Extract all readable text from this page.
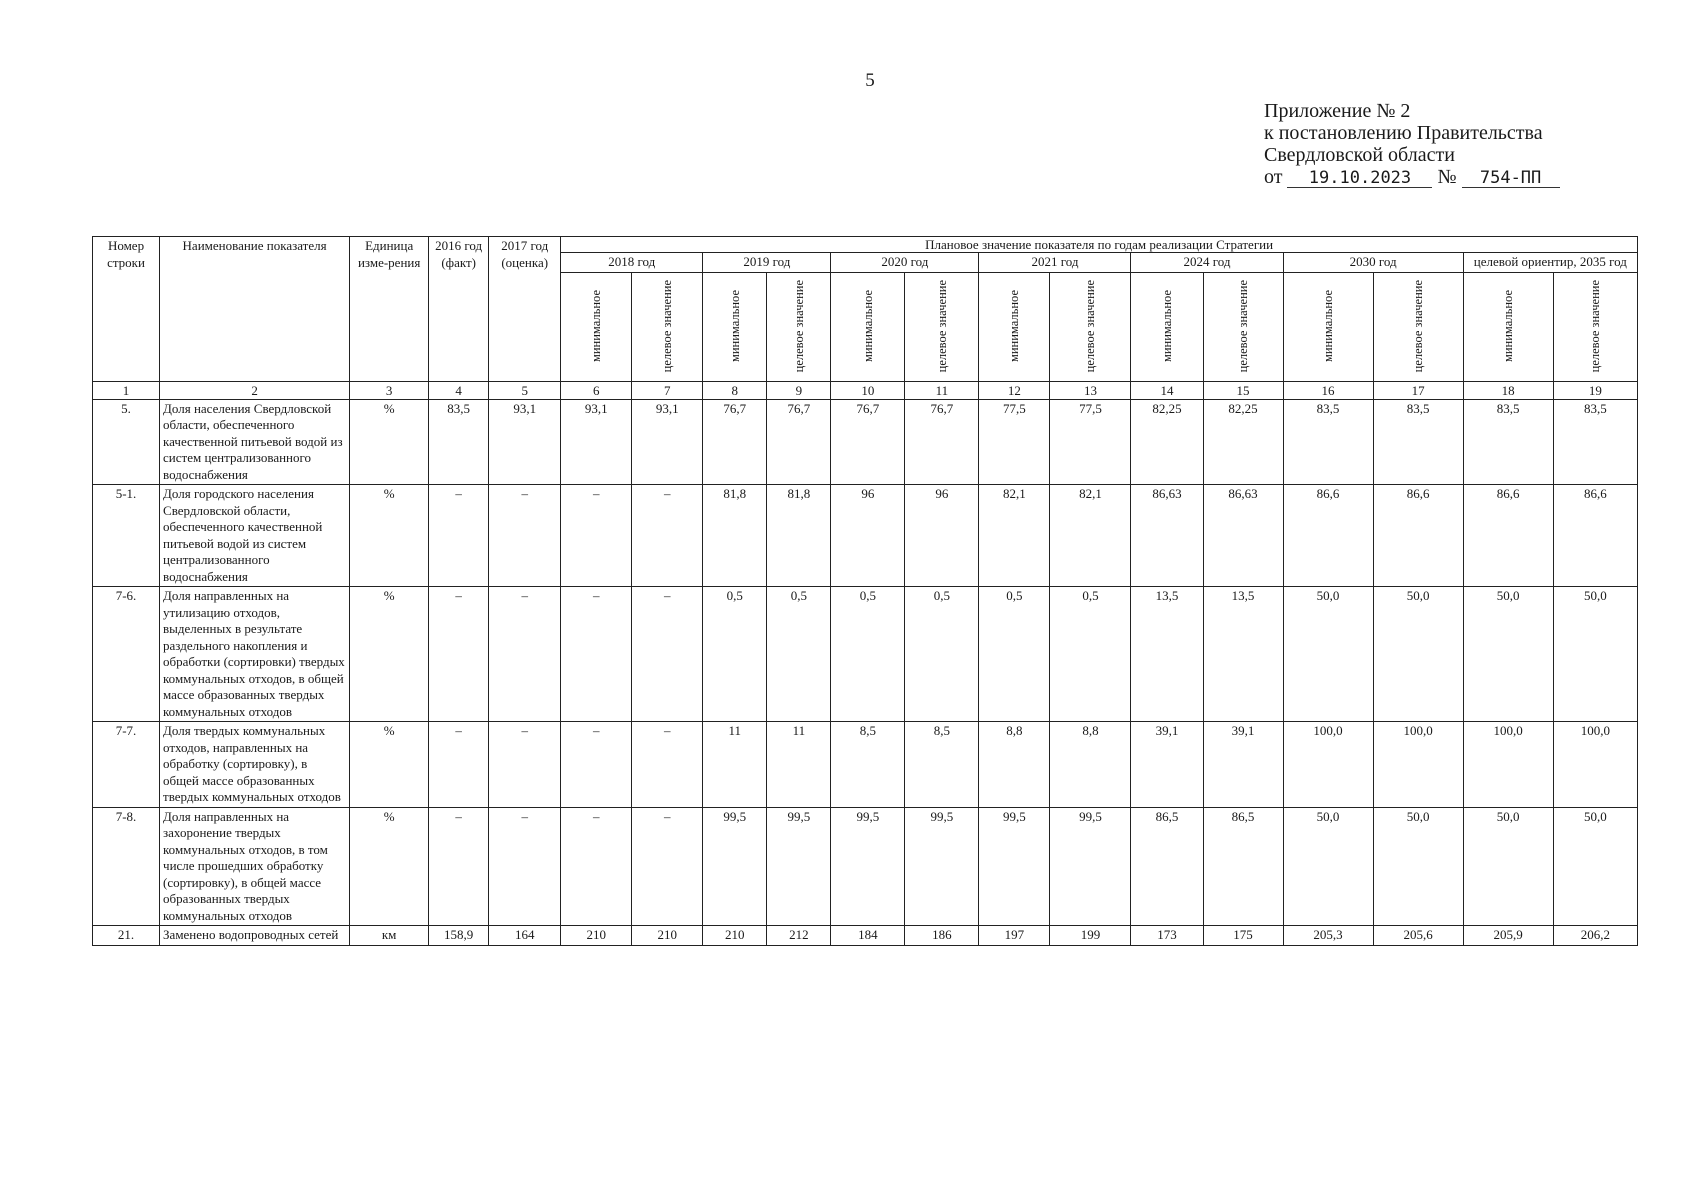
5
Приложение № 2
к постановлению Правительства
Свердловской области
от 19.10.2023 № 754-ПП
Номер строки	Наименование показателя	Единица изме-рения	2016 год (факт)	2017 год (оценка)	Плановое значение показателя по годам реализации Стратегии													
					2018 год		2019 год		2020 год		2021 год		2024 год		2030 год		целевой ориентир, 2035 год	

					минимальное	целевое значение	минимальное	целевое значение	минимальное	целевое значение	минимальное	целевое значение	минимальное	целевое значение	минимальное	целевое значение	минимальное	целевое значение

1	2	3	4	5	6	7	8	9	10	11	12	13	14	15	16	17	18	19
5.	Доля населения Свердловской области, обеспеченного качественной питьевой водой из систем централизованного водоснабжения	%	83,5	93,1	93,1	93,1	76,7	76,7	76,7	76,7	77,5	77,5	82,25	82,25	83,5	83,5	83,5	83,5
5-1.	Доля городского населения Свердловской области, обеспеченного качественной питьевой водой из систем централизованного водоснабжения	%	–	–	–	–	81,8	81,8	96	96	82,1	82,1	86,63	86,63	86,6	86,6	86,6	86,6
7-6.	Доля направленных на утилизацию отходов, выделенных в результате раздельного накопления и обработки (сортировки) твердых коммунальных отходов, в общей массе образованных твердых коммунальных отходов	%	–	–	–	–	0,5	0,5	0,5	0,5	0,5	0,5	13,5	13,5	50,0	50,0	50,0	50,0
7-7.	Доля твердых коммунальных отходов, направленных на обработку (сортировку), в общей массе образованных твердых коммунальных отходов	%	–	–	–	–	11	11	8,5	8,5	8,8	8,8	39,1	39,1	100,0	100,0	100,0	100,0
7-8.	Доля направленных на захоронение твердых коммунальных отходов, в том числе прошедших обработку (сортировку), в общей массе образованных твердых коммунальных отходов	%	–	–	–	–	99,5	99,5	99,5	99,5	99,5	99,5	86,5	86,5	50,0	50,0	50,0	50,0
21.	Заменено водопроводных сетей	км	158,9	164	210	210	210	212	184	186	197	199	173	175	205,3	205,6	205,9	206,2
